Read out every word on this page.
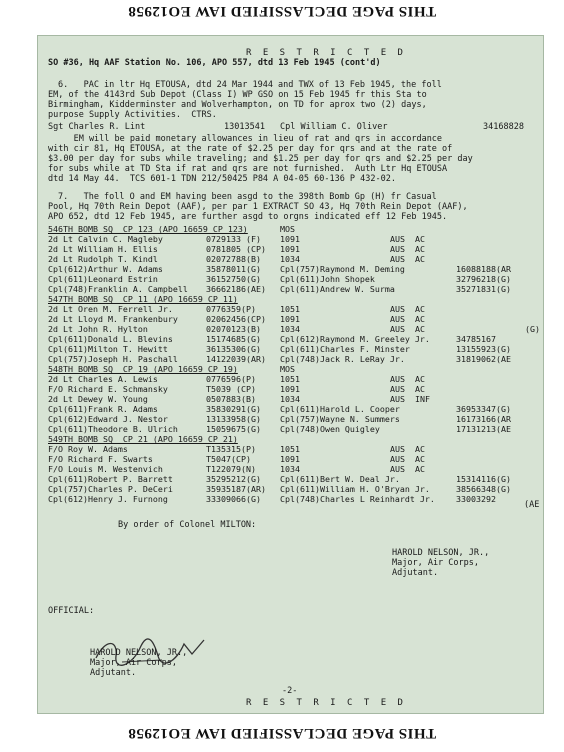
THIS PAGE DECLASSIFIED IAW EO12958
R E S T R I C T E D
SO #36, Hq AAF Station No. 106, APO 557, dtd 13 Feb 1945 (cont'd)
6.   PAC in ltr Hq ETOUSA, dtd 24 Mar 1944 and TWX of 13 Feb 1945, the foll
EM, of the 4143rd Sub Depot (Class I) WP GSO on 15 Feb 1945 fr this Sta to
Birmingham, Kidderminster and Wolverhampton, on TD for aprox two (2) days,
purpose Supply Activities.  CTRS.
Sgt Charles R. Lint	13013541 Cpl William C. Oliver	34168828
EM will be paid monetary allowances in lieu of rat and qrs in accordance
with cir 81, Hq ETOUSA, at the rate of $2.25 per day for qrs and at the rate of
$3.00 per day for subs while traveling; and $1.25 per day for qrs and $2.25 per day
for subs while at TD Sta if rat and qrs are not furnished.  Auth Ltr Hq ETOUSA
dtd 14 May 44.  TCS 601-1 TDN 212/50425 P84 A 04-05 60-136 P 432-02.
7.   The foll O and EM having been asgd to the 398th Bomb Gp (H) fr Casual
Pool, Hq 70th Rein Depot (AAF), per par 1 EXTRACT SO 43, Hq 70th Rein Depot (AAF),
APO 652, dtd 12 Feb 1945, are further asgd to orgns indicated eff 12 Feb 1945.
546TH BOMB SQ  CP 123 (APO 16659 CP 123)	MOS
2d Lt Calvin C. Magleby	0729133 (F) 1091	AUS  AC
2d Lt William H. Ellis	0781805 (CP) 1091	AUS  AC
2d Lt Rudolph T. Kindl	02072788(B) 1034	AUS  AC
Cpl(612)Arthur W. Adams	35878011(G) Cpl(757)Raymond M. Deming	16088188(AR
Cpl(611)Leonard Estrin	36152750(G) Cpl(611)John Shopek	32796218(G)
Cpl(748)Franklin A. Campbell 36662186(AE) Cpl(611)Andrew W. Surma	35271831(G)
547TH BOMB SQ  CP 11 (APO 16659 CP 11)
2d Lt Oren M. Ferrell Jr.	0776359(P)	1051	AUS  AC
2d Lt Lloyd M. Frankenbury	02062456(CP) 1091	AUS  AC
2d Lt John R. Hylton	02070123(B) 1034	AUS  AC	(G)
Cpl(611)Donald L. Blevins	15174685(G) Cpl(612)Raymond M. Greeley Jr.	34785167
Cpl(611)Milton T. Hewitt	36135306(G) Cpl(611)Charles F. Minster	13155923(G)
Cpl(757)Joseph H. Paschall	14122039(AR) Cpl(748)Jack R. LeRay Jr.	31819062(AE
548TH BOMB SQ  CP 19 (APO 16659 CP 19)	MOS
2d Lt Charles A. Lewis	0776596(P)	1051	AUS  AC
F/O Richard E. Schmansky	T5039 (CP)	1091	AUS  AC
2d Lt Dewey W. Young	0507883(B)	1034	AUS  INF
Cpl(611)Frank R. Adams	35830291(G) Cpl(611)Harold L. Cooper	36953347(G)
Cpl(612)Edward J. Nestor	13133958(G) Cpl(757)Wayne N. Summers	16173166(AR
Cpl(611)Theodore B. Ulrich	15059675(G) Cpl(748)Owen Quigley	17131213(AE
549TH BOMB SQ  CP 21 (APO 16659 CP 21)
F/O Roy W. Adams	T135315(P)	1051	AUS  AC
F/O Richard F. Swarts	T5047(CP)	1091	AUS  AC
F/O Louis M. Westenvich	T122079(N)	1034	AUS  AC
Cpl(611)Robert P. Barrett	35295212(G) Cpl(611)Bert W. Deal Jr.	15314116(G)
Cpl(757)Charles P. DeCeri	35935187(AR) Cpl(611)William H. O'Bryan Jr.	38566348(G)
Cpl(612)Henry J. Furnong	33309066(G) Cpl(748)Charles L Reinhardt Jr.	33003292
(AE
By order of Colonel MILTON:
HAROLD NELSON, JR.,
Major, Air Corps,
Adjutant.
OFFICIAL:
HAROLD NELSON, JR.,
Major, Air Corps,
Adjutant.
-2-
R E S T R I C T E D
THIS PAGE DECLASSIFIED IAW EO12958
